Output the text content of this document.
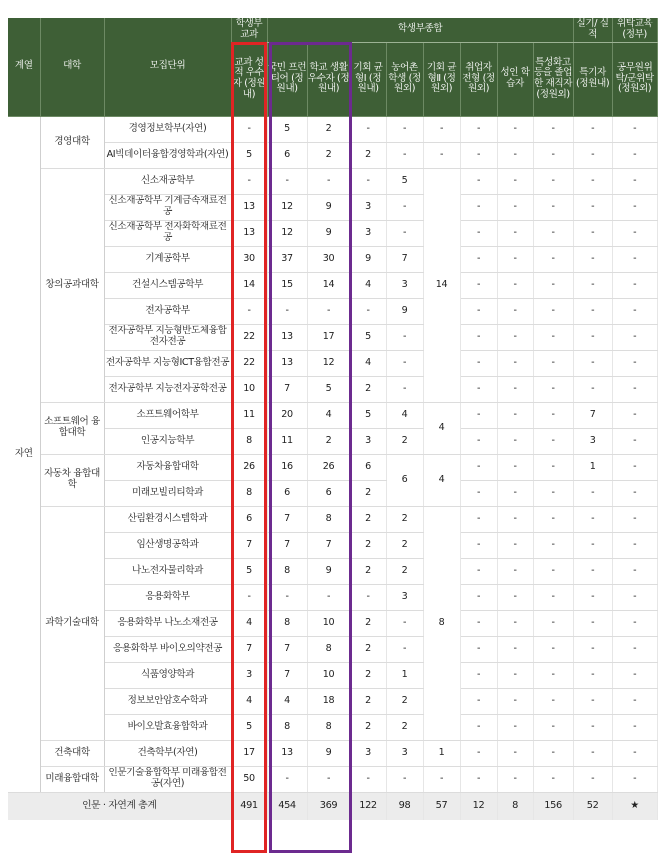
계열	대학	모집단위	학생부 교과	학생부종합								실기/ 실적	위탁교육 (정부)
			교과 성적 우수자 (정원내)	국민 프런 티어 (정원내)	학교 생활 우수자 (정원내)	기회 균형Ⅰ (정원내)	농어촌 학생 (정원외)	기회 균형Ⅱ (정원외)	취업자 전형 (정원외)	성인 학습자	특성화고 등을 졸업한 재직자 (정원외)	특기자 (정원내)	공무원위탁/군위탁 (정원외)
자연	경영대학	경영정보학부(자연)	-	5	2	-	-	-	-	-	-	-	-
		AI빅데이터융합경영학과(자연)	5	6	2	2	-	-	-	-	-	-	-
	창의공과대학	신소재공학부	-	-	-	-	5	14	-	-	-	-	-
		신소재공학부 기계금속재료전공	13	12	9	3	-		-	-	-	-	-
		신소재공학부 전자화학재료전공	13	12	9	3	-		-	-	-	-	-
		기계공학부	30	37	30	9	7		-	-	-	-	-
		건설시스템공학부	14	15	14	4	3		-	-	-	-	-
		전자공학부	-	-	-	-	9		-	-	-	-	-
		전자공학부 지능형반도체융합전자전공	22	13	17	5	-		-	-	-	-	-
		전자공학부 지능형ICT융합전공	22	13	12	4	-		-	-	-	-	-
		전자공학부 지능전자공학전공	10	7	5	2	-		-	-	-	-	-
	소프트웨어 융합대학	소프트웨어학부	11	20	4	5	4	4	-	-	-	7	-
		인공지능학부	8	11	2	3	2		-	-	-	3	-
	자동차 융합대학	자동차융합대학	26	16	26	6	6	4	-	-	-	1	-
		미래모빌리티학과	8	6	6	2			-	-	-	-	-
	과학기술대학	산림환경시스템학과	6	7	8	2	2	8	-	-	-	-	-
		임산생명공학과	7	7	7	2	2		-	-	-	-	-
		나노전자물리학과	5	8	9	2	2		-	-	-	-	-
		응용화학부	-	-	-	-	3		-	-	-	-	-
		응용화학부 나노소재전공	4	8	10	2	-		-	-	-	-	-
		응용화학부 바이오의약전공	7	7	8	2	-		-	-	-	-	-
		식품영양학과	3	7	10	2	1		-	-	-	-	-
		정보보안암호수학과	4	4	18	2	2		-	-	-	-	-
		바이오발효융합학과	5	8	8	2	2		-	-	-	-	-
	건축대학	건축학부(자연)	17	13	9	3	3	1	-	-	-	-	-
	미래융합대학	인문기술융합학부 미래융합전공(자연)	50	-	-	-	-	-	-	-	-	-	-
인문 · 자연계 총계			491	454	369	122	98	57	12	8	156	52	★
